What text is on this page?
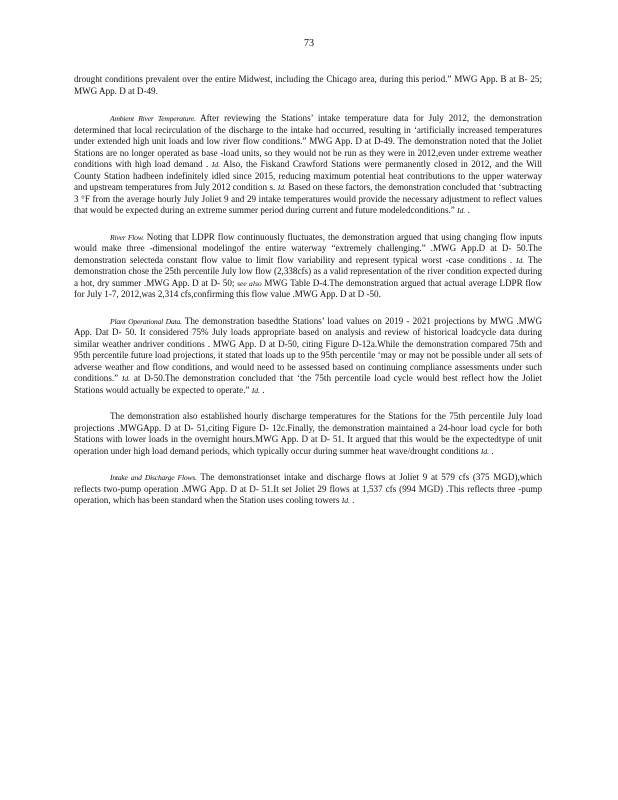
73

drought conditions prevalent over the entire Midwest, including the Chicago area, during this period.” MWG App. B at B- 25; MWG App. D at D-49.

Ambient River Temperature. After reviewing the Stations’ intake temperature data for July 2012, the demonstration determined that local recirculation of the discharge to the intake had occurred, resulting in ‘artificially increased temperatures under extended high unit loads and low river flow conditions.” MWG App. D at D-49. The demonstration noted that the Joliet Stations are no longer operated as base -load units, so they would not be run as they were in 2012,even under extreme weather conditions with high load demand . Id. Also, the Fiskand Crawford Stations were permanently closed in 2012, and the Will County Station hadbeen indefinitely idled since 2015, reducing maximum potential heat contributions to the upper waterway and upstream temperatures from July 2012 condition s. Id. Based on these factors, the demonstration concluded that ‘subtracting 3 °F from the average hourly July Joliet 9 and 29 intake temperatures would provide the necessary adjustment to reflect values that would be expected during an extreme summer period during current and future modeledconditions.” Id. .

River Flow. Noting that LDPR flow continuously fluctuates, the demonstration argued that using changing flow inputs would make three -dimensional modelingof the entire waterway “extremely challenging.” .MWG App.D at D- 50.The demonstration selecteda constant flow value to limit flow variability and represent typical worst -case conditions . Id. The demonstration chose the 25th percentile July low flow (2,338cfs) as a valid representation of the river condition expected during a hot, dry summer .MWG App. D at D- 50; see also MWG Table D-4.The demonstration argued that actual average LDPR flow for July 1-7, 2012,was 2,314 cfs,confirming this flow value .MWG App. D at D -50.

Plant Operational Data. The demonstration basedthe Stations’ load values on 2019 - 2021 projections by MWG .MWG App. Dat D- 50. It considered 75% July loads appropriate based on analysis and review of historical loadcycle data during similar weather andriver conditions . MWG App. D at D-50, citing Figure D-12a.While the demonstration compared 75th and 95th percentile future load projections, it stated that loads up to the 95th percentile ‘may or may not be possible under all sets of adverse weather and flow conditions, and would need to be assessed based on continuing compliance assessments under such conditions.” Id. at D-50.The demonstration concluded that ‘the 75th percentile load cycle would best reflect how the Joliet Stations would actually be expected to operate.” Id. .

The demonstration also established hourly discharge temperatures for the Stations for the 75th percentile July load projections .MWGApp. D at D- 51,citing Figure D- 12c.Finally, the demonstration maintained a 24-hour load cycle for both Stations with lower loads in the overnight hours.MWG App. D at D- 51. It argued that this would be the expectedtype of unit operation under high load demand periods, which typically occur during summer heat wave/drought conditions Id. .

Intake and Discharge Flows. The demonstrationset intake and discharge flows at Joliet 9 at 579 cfs (375 MGD),which reflects two-pump operation .MWG App. D at D- 51.It set Joliet 29 flows at 1,537 cfs (994 MGD) .This reflects three -pump operation, which has been standard when the Station uses cooling towers Id. .
